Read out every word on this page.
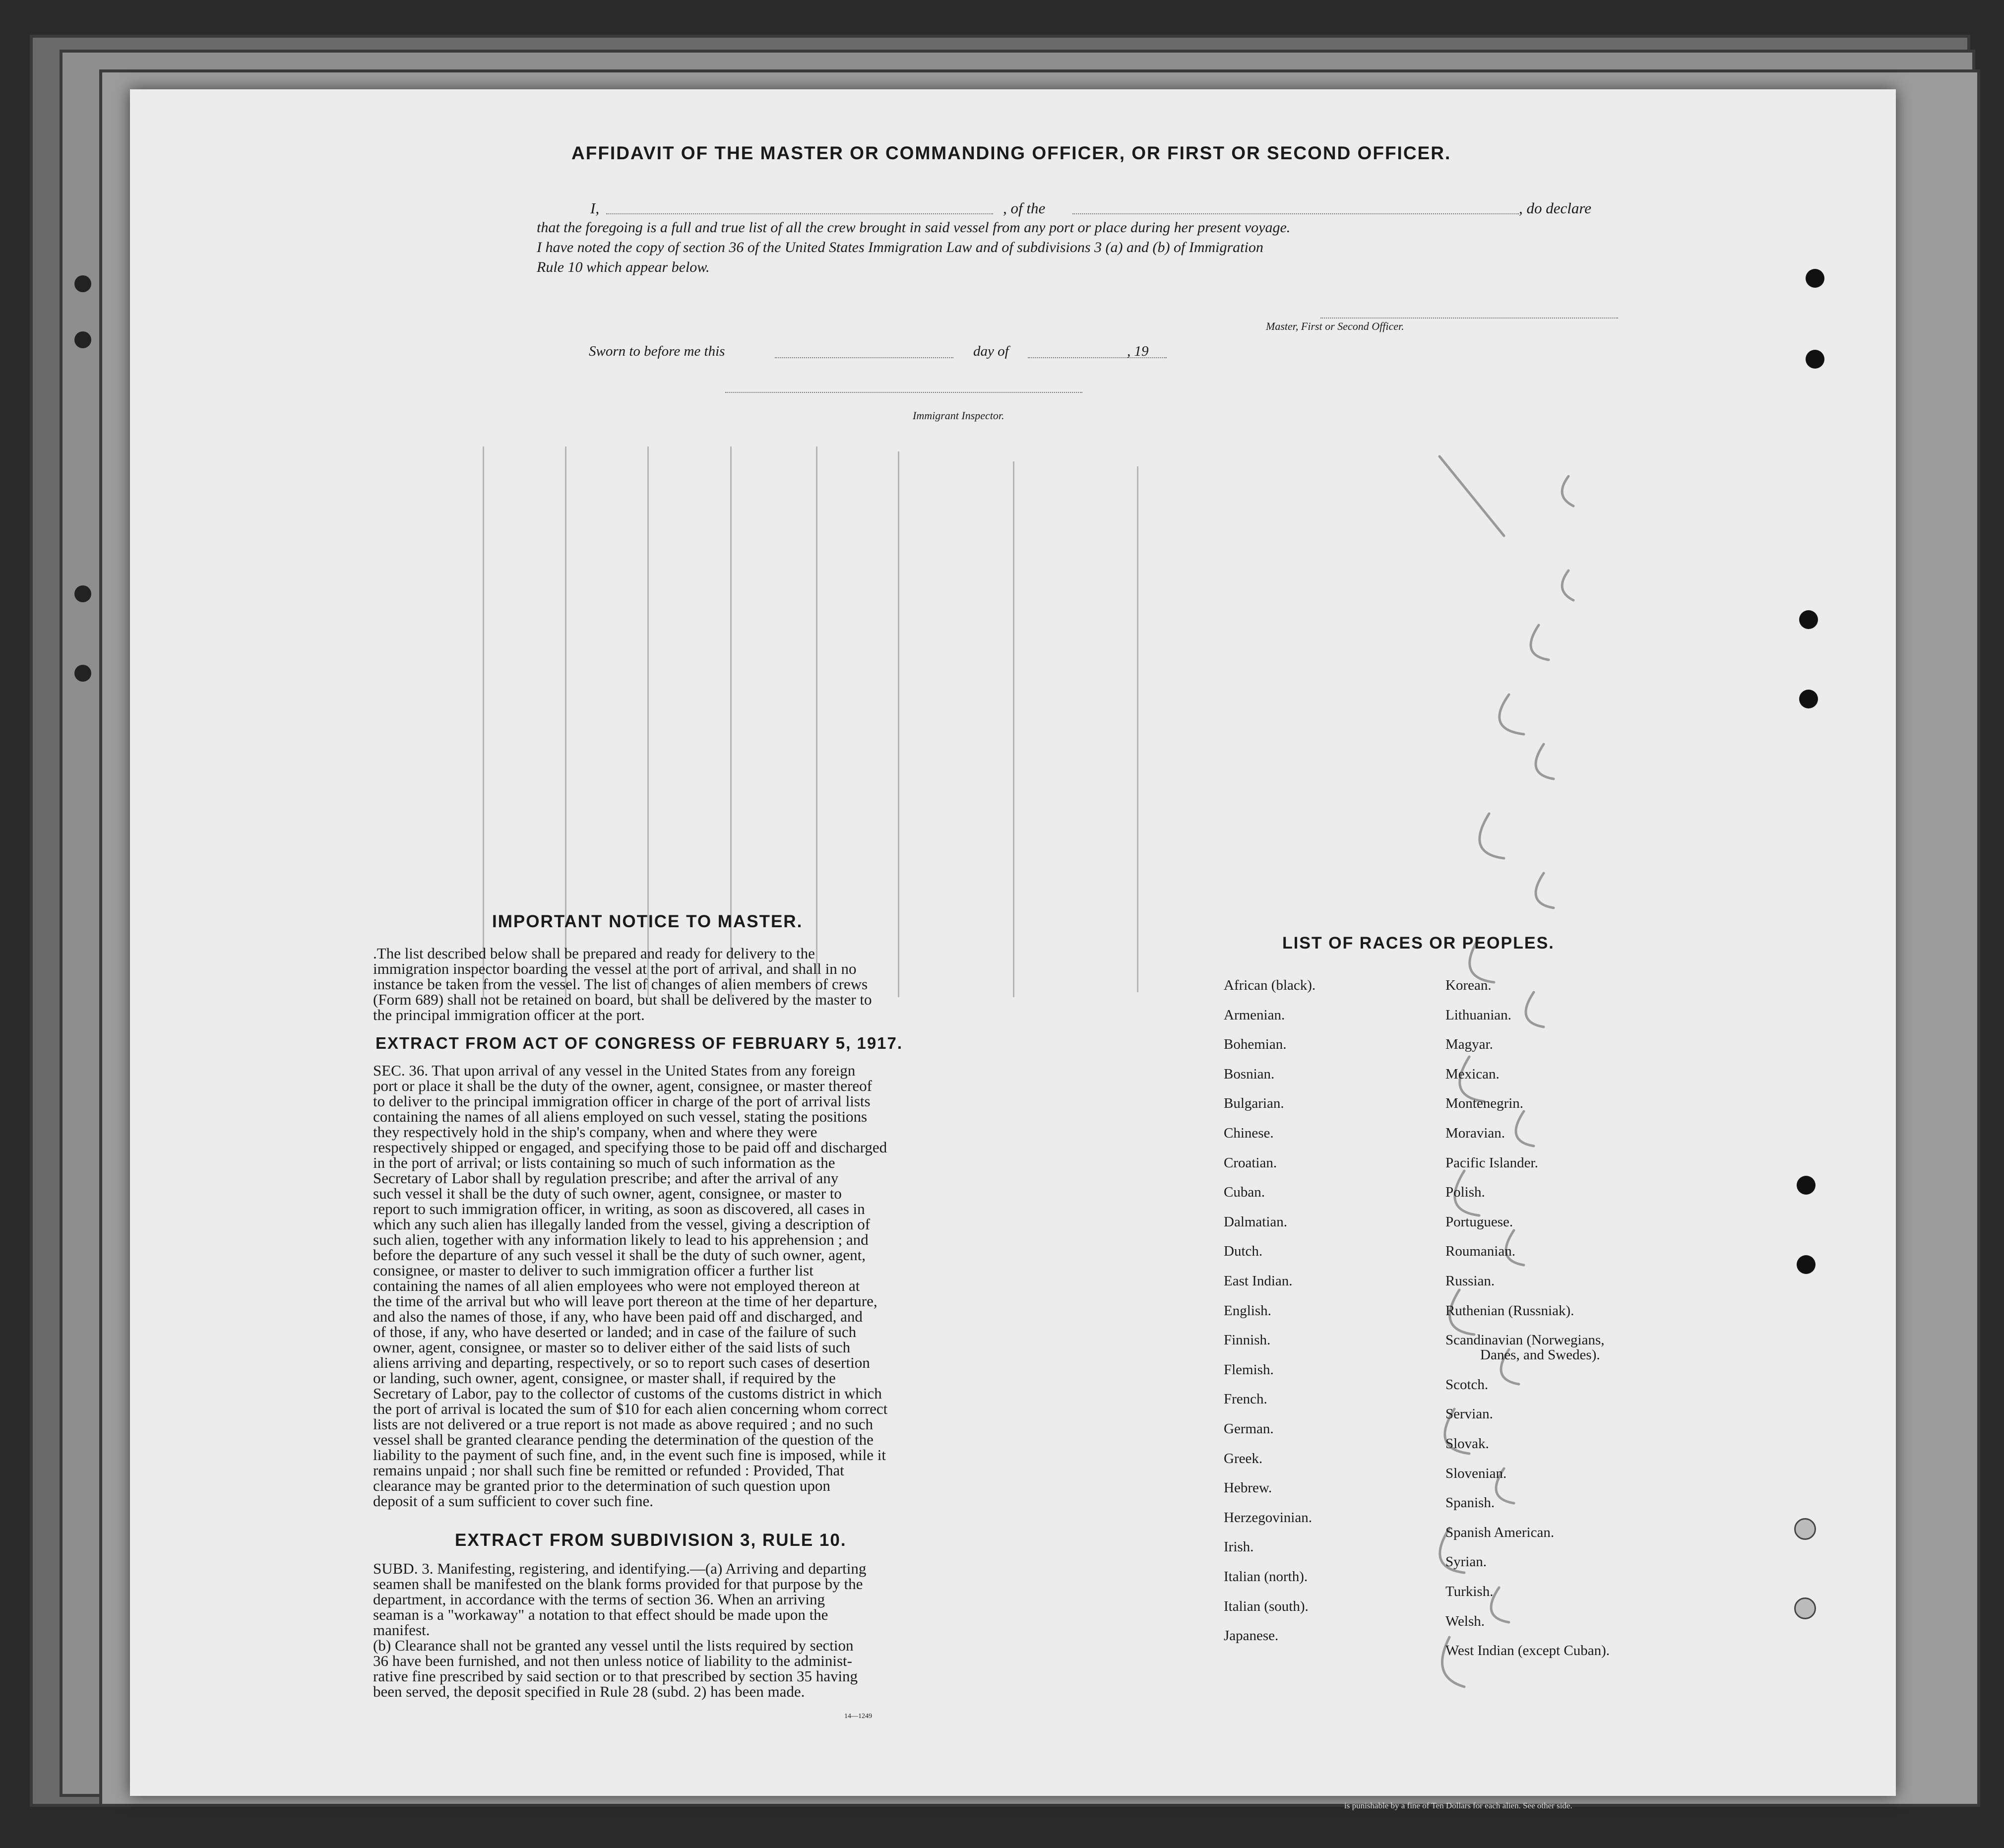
AFFIDAVIT OF THE MASTER OR COMMANDING OFFICER, OR FIRST OR SECOND OFFICER.
I,	, of the	, do declare
that the foregoing is a full and true list of all the crew brought in said vessel from any port or place during her present voyage.
I have noted the copy of section 36 of the United States Immigration Law and of subdivisions 3 (a) and (b) of Immigration
Rule 10 which appear below.
Master, First or Second Officer.
Sworn to before me this	day of	, 19
Immigrant Inspector.
IMPORTANT NOTICE TO MASTER.
.The list described below shall be prepared and ready for delivery to the
immigration inspector boarding the vessel at the port of arrival, and shall in no
instance be taken from the vessel. The list of changes of alien members of crews
(Form 689) shall not be retained on board, but shall be delivered by the master to
the principal immigration officer at the port.
EXTRACT FROM ACT OF CONGRESS OF FEBRUARY 5, 1917.
SEC. 36. That upon arrival of any vessel in the United States from any foreign
port or place it shall be the duty of the owner, agent, consignee, or master thereof
to deliver to the principal immigration officer in charge of the port of arrival lists
containing the names of all aliens employed on such vessel, stating the positions
they respectively hold in the ship's company, when and where they were
respectively shipped or engaged, and specifying those to be paid off and discharged
in the port of arrival; or lists containing so much of such information as the
Secretary of Labor shall by regulation prescribe; and after the arrival of any
such vessel it shall be the duty of such owner, agent, consignee, or master to
report to such immigration officer, in writing, as soon as discovered, all cases in
which any such alien has illegally landed from the vessel, giving a description of
such alien, together with any information likely to lead to his apprehension ; and
before the departure of any such vessel it shall be the duty of such owner, agent,
consignee, or master to deliver to such immigration officer a further list
containing the names of all alien employees who were not employed thereon at
the time of the arrival but who will leave port thereon at the time of her departure,
and also the names of those, if any, who have been paid off and discharged, and
of those, if any, who have deserted or landed; and in case of the failure of such
owner, agent, consignee, or master so to deliver either of the said lists of such
aliens arriving and departing, respectively, or so to report such cases of desertion
or landing, such owner, agent, consignee, or master shall, if required by the
Secretary of Labor, pay to the collector of customs of the customs district in which
the port of arrival is located the sum of $10 for each alien concerning whom correct
lists are not delivered or a true report is not made as above required ; and no such
vessel shall be granted clearance pending the determination of the question of the
liability to the payment of such fine, and, in the event such fine is imposed, while it
remains unpaid ; nor shall such fine be remitted or refunded : Provided, That
clearance may be granted prior to the determination of such question upon
deposit of a sum sufficient to cover such fine.
EXTRACT FROM SUBDIVISION 3, RULE 10.
SUBD. 3. Manifesting, registering, and identifying.—(a) Arriving and departing
seamen shall be manifested on the blank forms provided for that purpose by the
department, in accordance with the terms of section 36. When an arriving
seaman is a "workaway" a notation to that effect should be made upon the
manifest.
(b) Clearance shall not be granted any vessel until the lists required by section
36 have been furnished, and not then unless notice of liability to the administ-
rative fine prescribed by said section or to that prescribed by section 35 having
been served, the deposit specified in Rule 28 (subd. 2) has been made.
14—1249
LIST OF RACES OR PEOPLES.
African (black).
Armenian.
Bohemian.
Bosnian.
Bulgarian.
Chinese.
Croatian.
Cuban.
Dalmatian.
Dutch.
East Indian.
English.
Finnish.
Flemish.
French.
German.
Greek.
Hebrew.
Herzegovinian.
Irish.
Italian (north).
Italian (south).
Japanese.
Korean.
Lithuanian.
Magyar.
Mexican.
Montenegrin.
Moravian.
Pacific Islander.
Polish.
Portuguese.
Roumanian.
Russian.
Ruthenian (Russniak).
Scandinavian (Norwegians,
Danes, and Swedes).
Scotch.
Servian.
Slovak.
Slovenian.
Spanish.
Spanish American.
Syrian.
Turkish.
Welsh.
West Indian (except Cuban).
is punishable by a fine of Ten Dollars for each alien. See other side.
